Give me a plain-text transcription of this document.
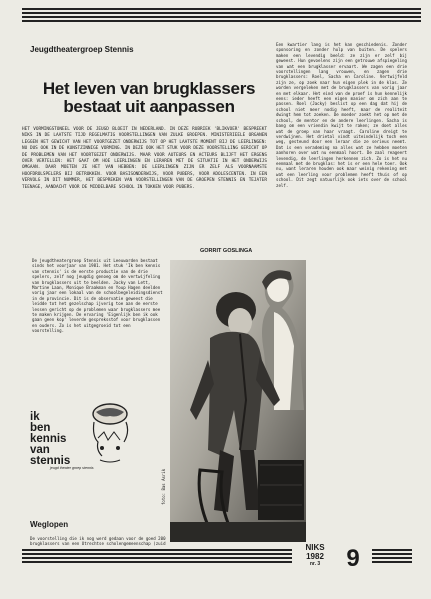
Jeugdtheatergroep Stennis
Het leven van brugklassers bestaat uit aanpassen
HET VORMINGSTONEEL VOOR DE JEUGD BLOEIT IN NEDERLAND. IN DEZE RUBRIEK 'BLIKVOER' BESPREEKT NIKS IN DE LAATSTE TIJD REGELMATIG VOORSTELLINGEN VAN ZULKE GROEPEN. MINISTERIEELE ORGANEN LEGGEN HET GEWICHT VAN HET VOORTGEZET ONDERWIJS TOT OP HET LAATSTE MOMENT BIJ DE LEERLINGEN: NU DUS OOK IN DE KUNSTZINNIGE VORMING. IN DEZE OOK HET STUK VOOR DEZE VOORSTELLING GERICHT OP DE PROBLEMEN VAN HET VOORTGEZET ONDERWIJS. MAAR VOOR AUTEURS EN ACTEURS BLIJFT HET ERGENS OVER VERTELLEN: HET GAAT OM HOE LEERLINGEN EN LERAREN MET DE SITUATIE IN HET ONDERWIJS OMGAAN. DAAR MOETEN ZE HET VAN HEBBEN: DE LEERLINGEN ZIJN ER ZELF ALS VOORNAAMSTE HOOFDROLSPELERS BIJ BETROKKEN. VOOR BASISONDERWIJS, VOOR PUBERS, VOOR ADOLESCENTEN. IN EEN VERVOLG IN DIT NUMMER, HET BESPREKEN VAN VOORSTELLINGEN VAN DE GROEPEN STENNIS EN TEJATER TEENAGE, AANDACHT VOOR DE MIDDELBARE SCHOOL IN TOKKEN VOOR PUBERS.
GORRIT GOSLINGA
De jeugdtheatergroep Stennis uit Leeuwarden bestaat sinds het voorjaar van 1981. Het stuk 'Ik ben kennis van stennis' is de eerste productie van de drie spelers, zelf nog jeugdig genoeg om de vertwijfeling van brugklassers uit te beelden. Jacky van Lett, Martine Laan, Monique Braakman en Youp Hagen deelden vorig jaar een lokaal van de schoolbegeleidingsdienst in de provincie. Dit is de observatie geweest die leidde tot het gezelschap ijverig toe aan de eerste lessen gericht op de problemen waar brugklassers mee te maken krijgen. De ervaring 'Eigenlijk ben ik ook gaan geen kop' leverde gespreksstof voor brugklassen en ouders. Zo is het uitgegroeid tot een voorstelling.
Een kwartier lang is het kan geschiedenis. Zonder sponsoring en zonder hulp van buiten. De spelers maken een levendig beeld: ze zijn er zelf bij geweest. Hun gevoelens zijn een getrouwe afspiegeling van wat een brugklasser ervaart. We zagen een drie voorstellingen lang vrouwen, en zagen drie brugklassers: Roel, Sacha en Caroline. Vertwijfeld zijn ze, op zoek naar hun eigen plek in de klas. Ze worden vergeleken met de brugklassers van vorig jaar en met elkaar. Het eind van de proef is hun kennelijk eens: ieder heeft een eigen manier om zich aan te passen. Roel (Jacky) beslist op een dag dat hij de school niet meer nodig heeft, maar de realiteit dwingt hem tot zoeken. De moeder zoekt het op met de school, de mentor en de andere leerlingen. Sacha is bang om een vriendin kwijt te raken; ze doet alles wat de groep van haar vraagt. Caroline dreigt te verdwijnen. Het drietal vindt uiteindelijk toch een weg, gesteund door een leraar die ze serieus neemt. Dat is een verademing na alles wat ze hebben moeten aanhoren over wat nu eenmaal hoort. De zaal reageert levendig, de leerlingen herkennen zich. Zo is het nu eenmaal met de brugklas: het is er een hele toer. Ook nu, want leraren houden ook maar weinig rekening met wat een leerling voor problemen heeft thuis of op school. Dit zegt natuurlijk ook iets over de school zelf.
ik
ben
kennis
van
stennis
jeugd theater groep stennis
Weglopen
De voorstelling die ik nog werd gedaan voor de goed 200 brugklassers van een Utrechtse scholengemeenschap (zuid
foto: Bas Asrik
NIKS
1982
nr. 3	9
